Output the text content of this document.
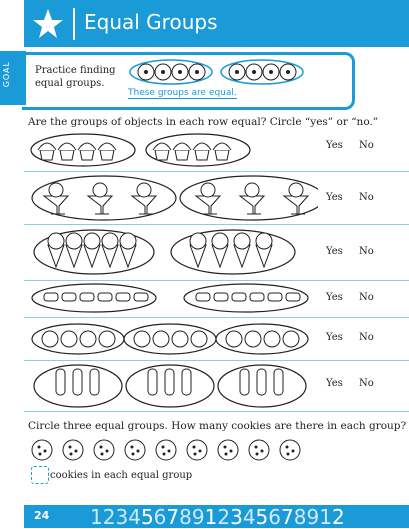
Equal Groups
GOAL Practice finding
equal groups.
These groups are equal.
Are the groups of objects in each row equal? Circle “yes” or “no.”
Yes No
Yes No
Yes No
Yes No
Yes No
Yes No
Circle three equal groups. How many cookies are there in each group?
cookies in each equal group
24 12345678912345678912
